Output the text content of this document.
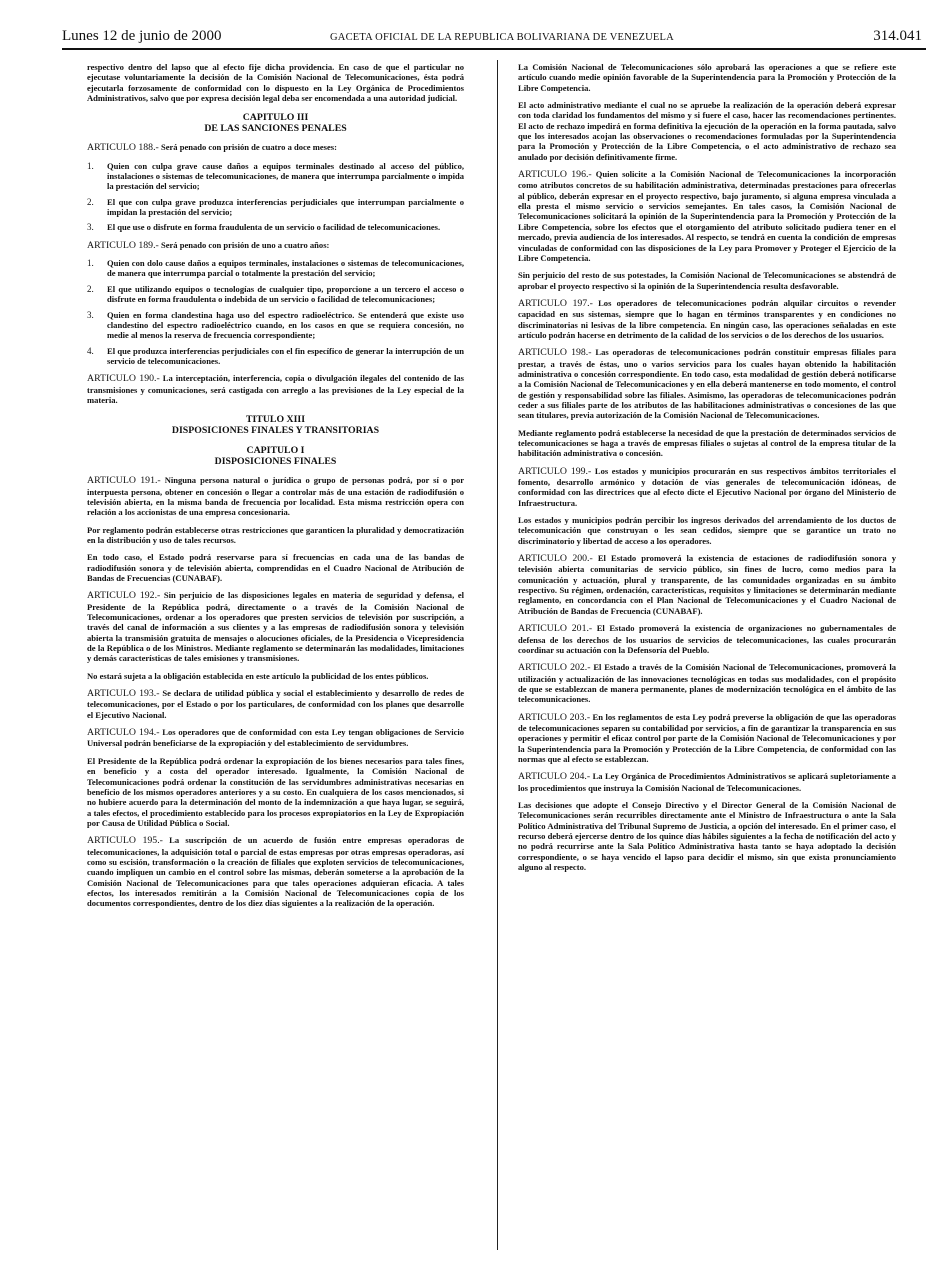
Lunes 12 de junio de 2000	GACETA OFICIAL DE LA REPUBLICA BOLIVARIANA DE VENEZUELA	314.041

respectivo dentro del lapso que al efecto fije dicha providencia. En caso de que el particular no ejecutase voluntariamente la decisión de la Comisión Nacional de Telecomunicaciones, ésta podrá ejecutarla forzosamente de conformidad con lo dispuesto en la Ley Orgánica de Procedimientos Administrativos, salvo que por expresa decisión legal deba ser encomendada a una autoridad judicial.

CAPITULO III
DE LAS SANCIONES PENALES

ARTICULO 188.- Será penado con prisión de cuatro a doce meses:

1. Quien con culpa grave cause daños a equipos terminales destinado al acceso del público, instalaciones o sistemas de telecomunicaciones, de manera que interrumpa parcialmente o impida la prestación del servicio;
2. El que con culpa grave produzca interferencias perjudiciales que interrumpan parcialmente o impidan la prestación del servicio;
3. El que use o disfrute en forma fraudulenta de un servicio o facilidad de telecomunicaciones.

ARTICULO 189.- Será penado con prisión de uno a cuatro años:

1. Quien con dolo cause daños a equipos terminales, instalaciones o sistemas de telecomunicaciones, de manera que interrumpa parcial o totalmente la prestación del servicio;
2. El que utilizando equipos o tecnologías de cualquier tipo, proporcione a un tercero el acceso o disfrute en forma fraudulenta o indebida de un servicio o facilidad de telecomunicaciones;
3. Quien en forma clandestina haga uso del espectro radioeléctrico. Se entenderá que existe uso clandestino del espectro radioeléctrico cuando, en los casos en que se requiera concesión, no medie al menos la reserva de frecuencia correspondiente;
4. El que produzca interferencias perjudiciales con el fin específico de generar la interrupción de un servicio de telecomunicaciones.

ARTICULO 190.- La interceptación, interferencia, copia o divulgación ilegales del contenido de las transmisiones y comunicaciones, será castigada con arreglo a las previsiones de la Ley especial de la materia.

TITULO XIII
DISPOSICIONES FINALES Y TRANSITORIAS
CAPITULO I
DISPOSICIONES FINALES

ARTICULO 191.- Ninguna persona natural o jurídica o grupo de personas podrá, por sí o por interpuesta persona, obtener en concesión o llegar a controlar más de una estación de radiodifusión o televisión abierta, en la misma banda de frecuencia por localidad. Esta misma restricción opera con relación a los accionistas de una empresa concesionaria.

Por reglamento podrán establecerse otras restricciones que garanticen la pluralidad y democratización en la distribución y uso de tales recursos.

En todo caso, el Estado podrá reservarse para sí frecuencias en cada una de las bandas de radiodifusión sonora y de televisión abierta, comprendidas en el Cuadro Nacional de Atribución de Bandas de Frecuencias (CUNABAF).

ARTICULO 192.- Sin perjuicio de las disposiciones legales en materia de seguridad y defensa, el Presidente de la República podrá, directamente o a través de la Comisión Nacional de Telecomunicaciones, ordenar a los operadores que presten servicios de televisión por suscripción, a través del canal de información a sus clientes y a las empresas de radiodifusión sonora y televisión abierta la transmisión gratuita de mensajes o alocuciones oficiales, de la Presidencia o Vicepresidencia de la República o de los Ministros. Mediante reglamento se determinarán las modalidades, limitaciones y demás características de tales emisiones y transmisiones.

No estará sujeta a la obligación establecida en este artículo la publicidad de los entes públicos.

ARTICULO 193.- Se declara de utilidad pública y social el establecimiento y desarrollo de redes de telecomunicaciones, por el Estado o por los particulares, de conformidad con los planes que desarrolle el Ejecutivo Nacional.

ARTICULO 194.- Los operadores que de conformidad con esta Ley tengan obligaciones de Servicio Universal podrán beneficiarse de la expropiación y del establecimiento de servidumbres.

El Presidente de la República podrá ordenar la expropiación de los bienes necesarios para tales fines, en beneficio y a costa del operador interesado. Igualmente, la Comisión Nacional de Telecomunicaciones podrá ordenar la constitución de las servidumbres administrativas necesarias en beneficio de los mismos operadores anteriores y a su costo. En cualquiera de los casos mencionados, si no hubiere acuerdo para la determinación del monto de la indemnización a que haya lugar, se seguirá, a tales efectos, el procedimiento establecido para los procesos expropiatorios en la Ley de Expropiación por Causa de Utilidad Pública o Social.

ARTICULO 195.- La suscripción de un acuerdo de fusión entre empresas operadoras de telecomunicaciones, la adquisición total o parcial de estas empresas por otras empresas operadoras, así como su escisión, transformación o la creación de filiales que exploten servicios de telecomunicaciones, cuando impliquen un cambio en el control sobre las mismas, deberán someterse a la aprobación de la Comisión Nacional de Telecomunicaciones para que tales operaciones adquieran eficacia. A tales efectos, los interesados remitirán a la Comisión Nacional de Telecomunicaciones copia de los documentos correspondientes, dentro de los diez días siguientes a la realización de la operación.

La Comisión Nacional de Telecomunicaciones sólo aprobará las operaciones a que se refiere este artículo cuando medie opinión favorable de la Superintendencia para la Promoción y Protección de la Libre Competencia.

El acto administrativo mediante el cual no se apruebe la realización de la operación deberá expresar con toda claridad los fundamentos del mismo y si fuere el caso, hacer las recomendaciones pertinentes. El acto de rechazo impedirá en forma definitiva la ejecución de la operación en la forma pautada, salvo que los interesados acojan las observaciones o recomendaciones formuladas por la Superintendencia para la Promoción y Protección de la Libre Competencia, o el acto administrativo de rechazo sea anulado por decisión definitivamente firme.

ARTICULO 196.- Quien solicite a la Comisión Nacional de Telecomunicaciones la incorporación como atributos concretos de su habilitación administrativa, determinadas prestaciones para ofrecerlas al público, deberán expresar en el proyecto respectivo, bajo juramento, si alguna empresa vinculada a ella presta el mismo servicio o servicios semejantes. En tales casos, la Comisión Nacional de Telecomunicaciones solicitará la opinión de la Superintendencia para la Promoción y Protección de la Libre Competencia, sobre los efectos que el otorgamiento del atributo solicitado pudiera tener en el mercado, previa audiencia de los interesados. Al respecto, se tendrá en cuenta la condición de empresas vinculadas de conformidad con las disposiciones de la Ley para Promover y Proteger el Ejercicio de la Libre Competencia.

Sin perjuicio del resto de sus potestades, la Comisión Nacional de Telecomunicaciones se abstendrá de aprobar el proyecto respectivo si la opinión de la Superintendencia resulta desfavorable.

ARTICULO 197.- Los operadores de telecomunicaciones podrán alquilar circuitos o revender capacidad en sus sistemas, siempre que lo hagan en términos transparentes y en condiciones no discriminatorias ni lesivas de la libre competencia. En ningún caso, las operaciones señaladas en este artículo podrán hacerse en detrimento de la calidad de los servicios o de los derechos de los usuarios.

ARTICULO 198.- Las operadoras de telecomunicaciones podrán constituir empresas filiales para prestar, a través de éstas, uno o varios servicios para los cuales hayan obtenido la habilitación administrativa o concesión correspondiente. En todo caso, esta modalidad de gestión deberá notificarse a la Comisión Nacional de Telecomunicaciones y en ella deberá mantenerse en todo momento, el control de gestión y responsabilidad sobre las filiales. Asimismo, las operadoras de telecomunicaciones podrán ceder a sus filiales parte de los atributos de las habilitaciones administrativas o concesiones de las que sean titulares, previa autorización de la Comisión Nacional de Telecomunicaciones.

Mediante reglamento podrá establecerse la necesidad de que la prestación de determinados servicios de telecomunicaciones se haga a través de empresas filiales o sujetas al control de la empresa titular de la habilitación administrativa o concesión.

ARTICULO 199.- Los estados y municipios procurarán en sus respectivos ámbitos territoriales el fomento, desarrollo armónico y dotación de vías generales de telecomunicación idóneas, de conformidad con las directrices que al efecto dicte el Ejecutivo Nacional por órgano del Ministerio de Infraestructura.

Los estados y municipios podrán percibir los ingresos derivados del arrendamiento de los ductos de telecomunicación que construyan o les sean cedidos, siempre que se garantice un trato no discriminatorio y libertad de acceso a los operadores.

ARTICULO 200.- El Estado promoverá la existencia de estaciones de radiodifusión sonora y televisión abierta comunitarias de servicio público, sin fines de lucro, como medios para la comunicación y actuación, plural y transparente, de las comunidades organizadas en su ámbito respectivo. Su régimen, ordenación, características, requisitos y limitaciones se determinarán mediante reglamento, en concordancia con el Plan Nacional de Telecomunicaciones y el Cuadro Nacional de Atribución de Bandas de Frecuencia (CUNABAF).

ARTICULO 201.- El Estado promoverá la existencia de organizaciones no gubernamentales de defensa de los derechos de los usuarios de servicios de telecomunicaciones, las cuales procurarán coordinar su actuación con la Defensoría del Pueblo.

ARTICULO 202.- El Estado a través de la Comisión Nacional de Telecomunicaciones, promoverá la utilización y actualización de las innovaciones tecnológicas en todas sus modalidades, con el propósito de que se establezcan de manera permanente, planes de modernización tecnológica en el ámbito de las telecomunicaciones.

ARTICULO 203.- En los reglamentos de esta Ley podrá preverse la obligación de que las operadoras de telecomunicaciones separen su contabilidad por servicios, a fin de garantizar la transparencia en sus operaciones y permitir el eficaz control por parte de la Comisión Nacional de Telecomunicaciones y por la Superintendencia para la Promoción y Protección de la Libre Competencia, de conformidad con las normas que al efecto se establezcan.

ARTICULO 204.- La Ley Orgánica de Procedimientos Administrativos se aplicará supletoriamente a los procedimientos que instruya la Comisión Nacional de Telecomunicaciones.

Las decisiones que adopte el Consejo Directivo y el Director General de la Comisión Nacional de Telecomunicaciones serán recurribles directamente ante el Ministro de Infraestructura o ante la Sala Político Administrativa del Tribunal Supremo de Justicia, a opción del interesado. En el primer caso, el recurso deberá ejercerse dentro de los quince días hábiles siguientes a la fecha de notificación del acto y no podrá recurrirse ante la Sala Político Administrativa hasta tanto se haya adoptado la decisión correspondiente, o se haya vencido el lapso para decidir el mismo, sin que exista pronunciamiento alguno al respecto.
